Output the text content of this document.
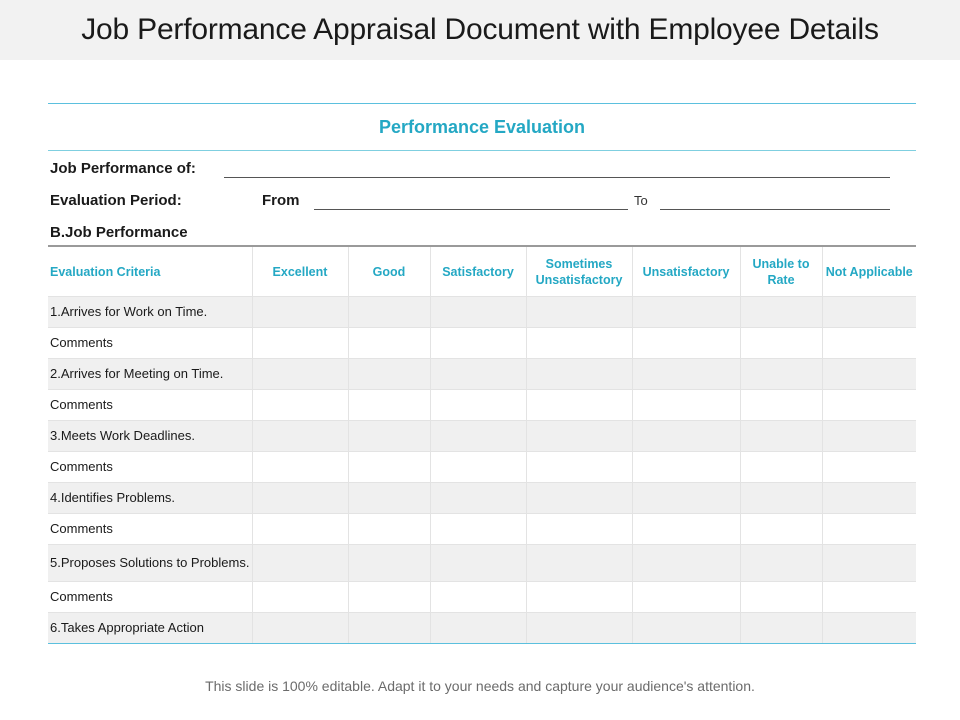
Job Performance Appraisal Document with Employee Details
Performance Evaluation
Job Performance of:
Evaluation Period:	From	To
B.Job Performance
Evaluation Criteria	Excellent	Good	Satisfactory	Sometimes Unsatisfactory	Unsatisfactory	Unable to Rate	Not Applicable
1.Arrives for Work on Time.							
Comments							
2.Arrives for Meeting on Time.							
Comments							
3.Meets Work Deadlines.							
Comments							
4.Identifies Problems.							
Comments							
5.Proposes Solutions to Problems.							
Comments							
6.Takes Appropriate Action							
This slide is 100% editable. Adapt it to your needs and capture your audience's attention.
